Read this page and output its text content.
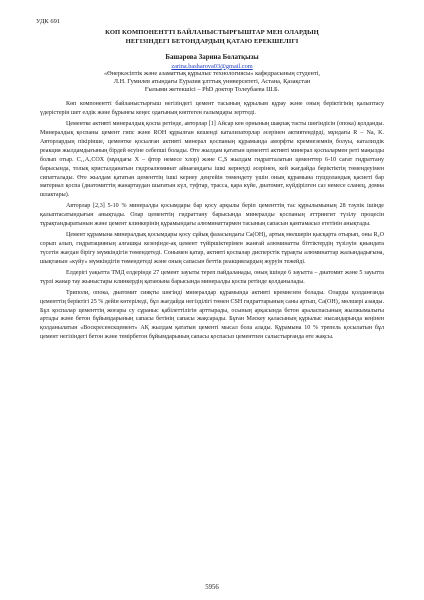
УДК 691
КОП КОМПОНЕНТТІ БАЙЛАНЫСТЫРҒЫШТАР МЕН ОЛАРДЫҢ
НЕГІЗІНДЕГІ БЕТОНДАРДЫҢ ҚАТАЮ ЕРЕКШЕЛІГІ
Башарова Зарина Болатқызы
zarina.basharova03@gmail.com
«Өнеркәсіптік және азаматтық құрылыс технологиясы» кафедрасының студенті,
Л.Н. Гумилев атындағы Еуразия ұлттық университеті, Астана, Қазақстан
Ғылыми жетекшісі – PhD доктор Толеубаева Ш.Б.

Көп компонентті байланыстырғыш негізіндегі цемент тасының құрылым құрау және оның беріктігінің қалыптасу үдерістерін шет елдік және бұрынғы кеңес одағының көптеген ғалымдары зерттеді.

Цементке активті минералдық қоспа ретінде, авторлар [1] Айсар кен орнының шақпақ тасты шөгіндісін (опока) қолданды. Минералдық қоспаны цемент гипс және ROH құрылған кешенді катализаторлар әсерінен активтендірді, мұндағы R – Na, K. Авторлардың пікірінше, цементке қосылған активті минерал қоспаның құрамында аморфты кремнеземнің болуы, катализдік реакция жылдамдығының бірдей өсуіне себепші болады. Өте жылдам қататын цементті активті минерал қоспалармен реті маңызды болып отыр. C₁₁A₇COX (мұндағы X – фтор немесе хлор) және C₃S жылдам гидратталатын цементтер 6-10 сағат гидраттану барысында, толық кристалданатын гидроалюминат айнағандағы ішкі кернеуді әсерінен, кей жағдайда беріктіктің төмендеуімен сипатталады. Өте жылдам қататын цементтің ішкі кернеу деңгейін төмендету үшін оның құрамына пуццоландық қасиеті бар материал қоспа (диатомиттің жанартаудан шығатын күл, туфтар, трасса, қара күйе, диатомит, күйдірілген саз немесе сланец, домна шлактары).

Авторлар [2,3] 5-10 % минералды қосымдары бар қосу арқылы беріп цементтің тас құрылымының 28 тәулік ішінде қалыптасатындығын анықтады. Олар цементтің гидраттану барысында минералды қоспаның әттрингит түзілу процесін тұрақтандыратынын және цемент клинкерінің құрамындағы алюминаттармен тасының сапасын қамтамасыз ететінін анықтады.

Цемент құрамына минералдық қосымдары қосу сұйық фазасындағы Ca(OH)₂ артық мөлшерін қысқарта отырып, оны R₂O сорып алып, гидратацияның алғашқы кезеңінде-ақ цемент түйіршіктерімен жанғай алюминатты біттіктердің түзілуін қиындата түсетін жағдан бірігу мүмкіндігін төмендетеді. Сонымен қатар, активті қоспалар дисперстік тұрақты алюминаттар жалындадығына, шықтанын «күйу» мүмкіндігін төмендетеді және оның сапасын беттік реакциялардың жүруін тежейді.

Елдерігі уақытта ТМД елдерінде 27 цемент зауыты тереп пайдаланады, оның ішінде 6 зауытта – диатомит және 5 зауытта түрлі жанар тау жыныстары клинкердің қатаюына барысында минералды қоспа ретінде қолданылады.

Триполи, опока, диатомит сияқты шөгінді минералдар құрамында активті кремнезем болады. Оларды қолданғанда цементтің беріктігі 25 % дейін көтеріледі, бұл жағдайда негізділігі төмен CSH гидраттарының саны артып, Ca(OH)₂ мөлшері азаяды. Бұл қоспалар цементтің жоғары су сұраныс қабілеттілігін арттырады, осының арқасында бетон араласпасының жылжымалығы артады және бетон бұйымдарының сапасы бетінің сапасы жақсарады. Бұған Мәскеу қаласының құрылыс нысандарында кеңінен қолданылатын «Воскресенскцемент» АҚ жылдам қататын цементі мысал бола алады. Құрамына 10 % трепель қосылатын бұл цемент негізіндегі бетон және темірбетон бұйымдарының сапасы қоспасыз цементпен салыстырғанда өте жақсы.

5956
